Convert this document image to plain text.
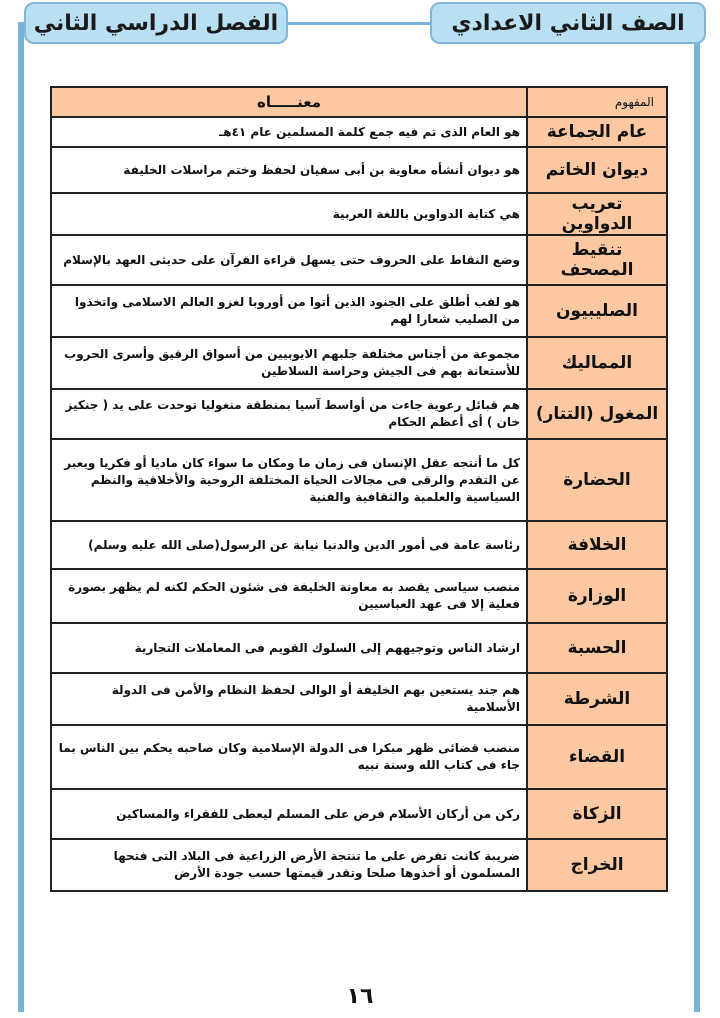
الصف الثاني الاعدادي
الفصل الدراسي الثاني
المفهوم	معنـــــاه
عام الجماعة	هو العام الذى تم فيه جمع كلمة المسلمين عام ٤١هـ
ديوان الخاتم	هو ديوان أنشأه معاوية بن أبى سفيان لحفظ وختم مراسلات الخليفة
تعريب الدواوين	هي كتابة الدواوين باللغة العربية
تنقيط المصحف	وضع النقاط على الحروف حتى يسهل قراءة القرآن على حديثى العهد بالإسلام
الصليبيون	هو لقب أطلق على الجنود الذين أتوا من أوروبا لغزو العالم الاسلامى واتخذوا من الصليب شعارا لهم
المماليك	مجموعة من أجناس مختلفة جلبهم الايوبيين من أسواق الرقيق وأسرى الحروب للأستعانة بهم فى الجيش وحراسة السلاطين
المغول (التتار)	هم قبائل رعوية جاءت من أواسط آسيا بمنطقة منغوليا توحدت على يد ( جنكيز خان ) أى أعظم الحكام
الحضارة	كل ما أنتجه عقل الإنسان فى زمان ما ومكان ما سواء كان ماديا أو فكريا ويعبر عن التقدم والرقى فى مجالات الحياة المختلفة الروحية والأخلاقية والنظم السياسية والعلمية والثقافية والفنية
الخلافة	رئاسة عامة فى أمور الدين والدنيا نيابة عن الرسول(صلى الله عليه وسلم)
الوزارة	منصب سياسى يقصد به معاونة الخليفة فى شئون الحكم لكنه لم يظهر بصورة فعلية إلا فى عهد العباسيين
الحسبة	ارشاد الناس وتوجيههم إلى السلوك القويم فى المعاملات التجارية
الشرطة	هم جند يستعين بهم الخليفة أو الوالى لحفظ النظام والأمن فى الدولة الأسلامية
القضاء	منصب قضائى ظهر مبكرا فى الدولة الإسلامية وكان صاحبه يحكم بين الناس بما جاء فى كتاب الله وسنة نبيه
الزكاة	ركن من أركان الأسلام فرض على المسلم ليعطى للفقراء والمساكين
الخراج	ضريبة كانت تفرض على ما تنتجة الأرض الزراعية فى البلاد التى فتحها المسلمون أو أخذوها صلحا وتقدر قيمتها حسب جودة الأرض
١٦
